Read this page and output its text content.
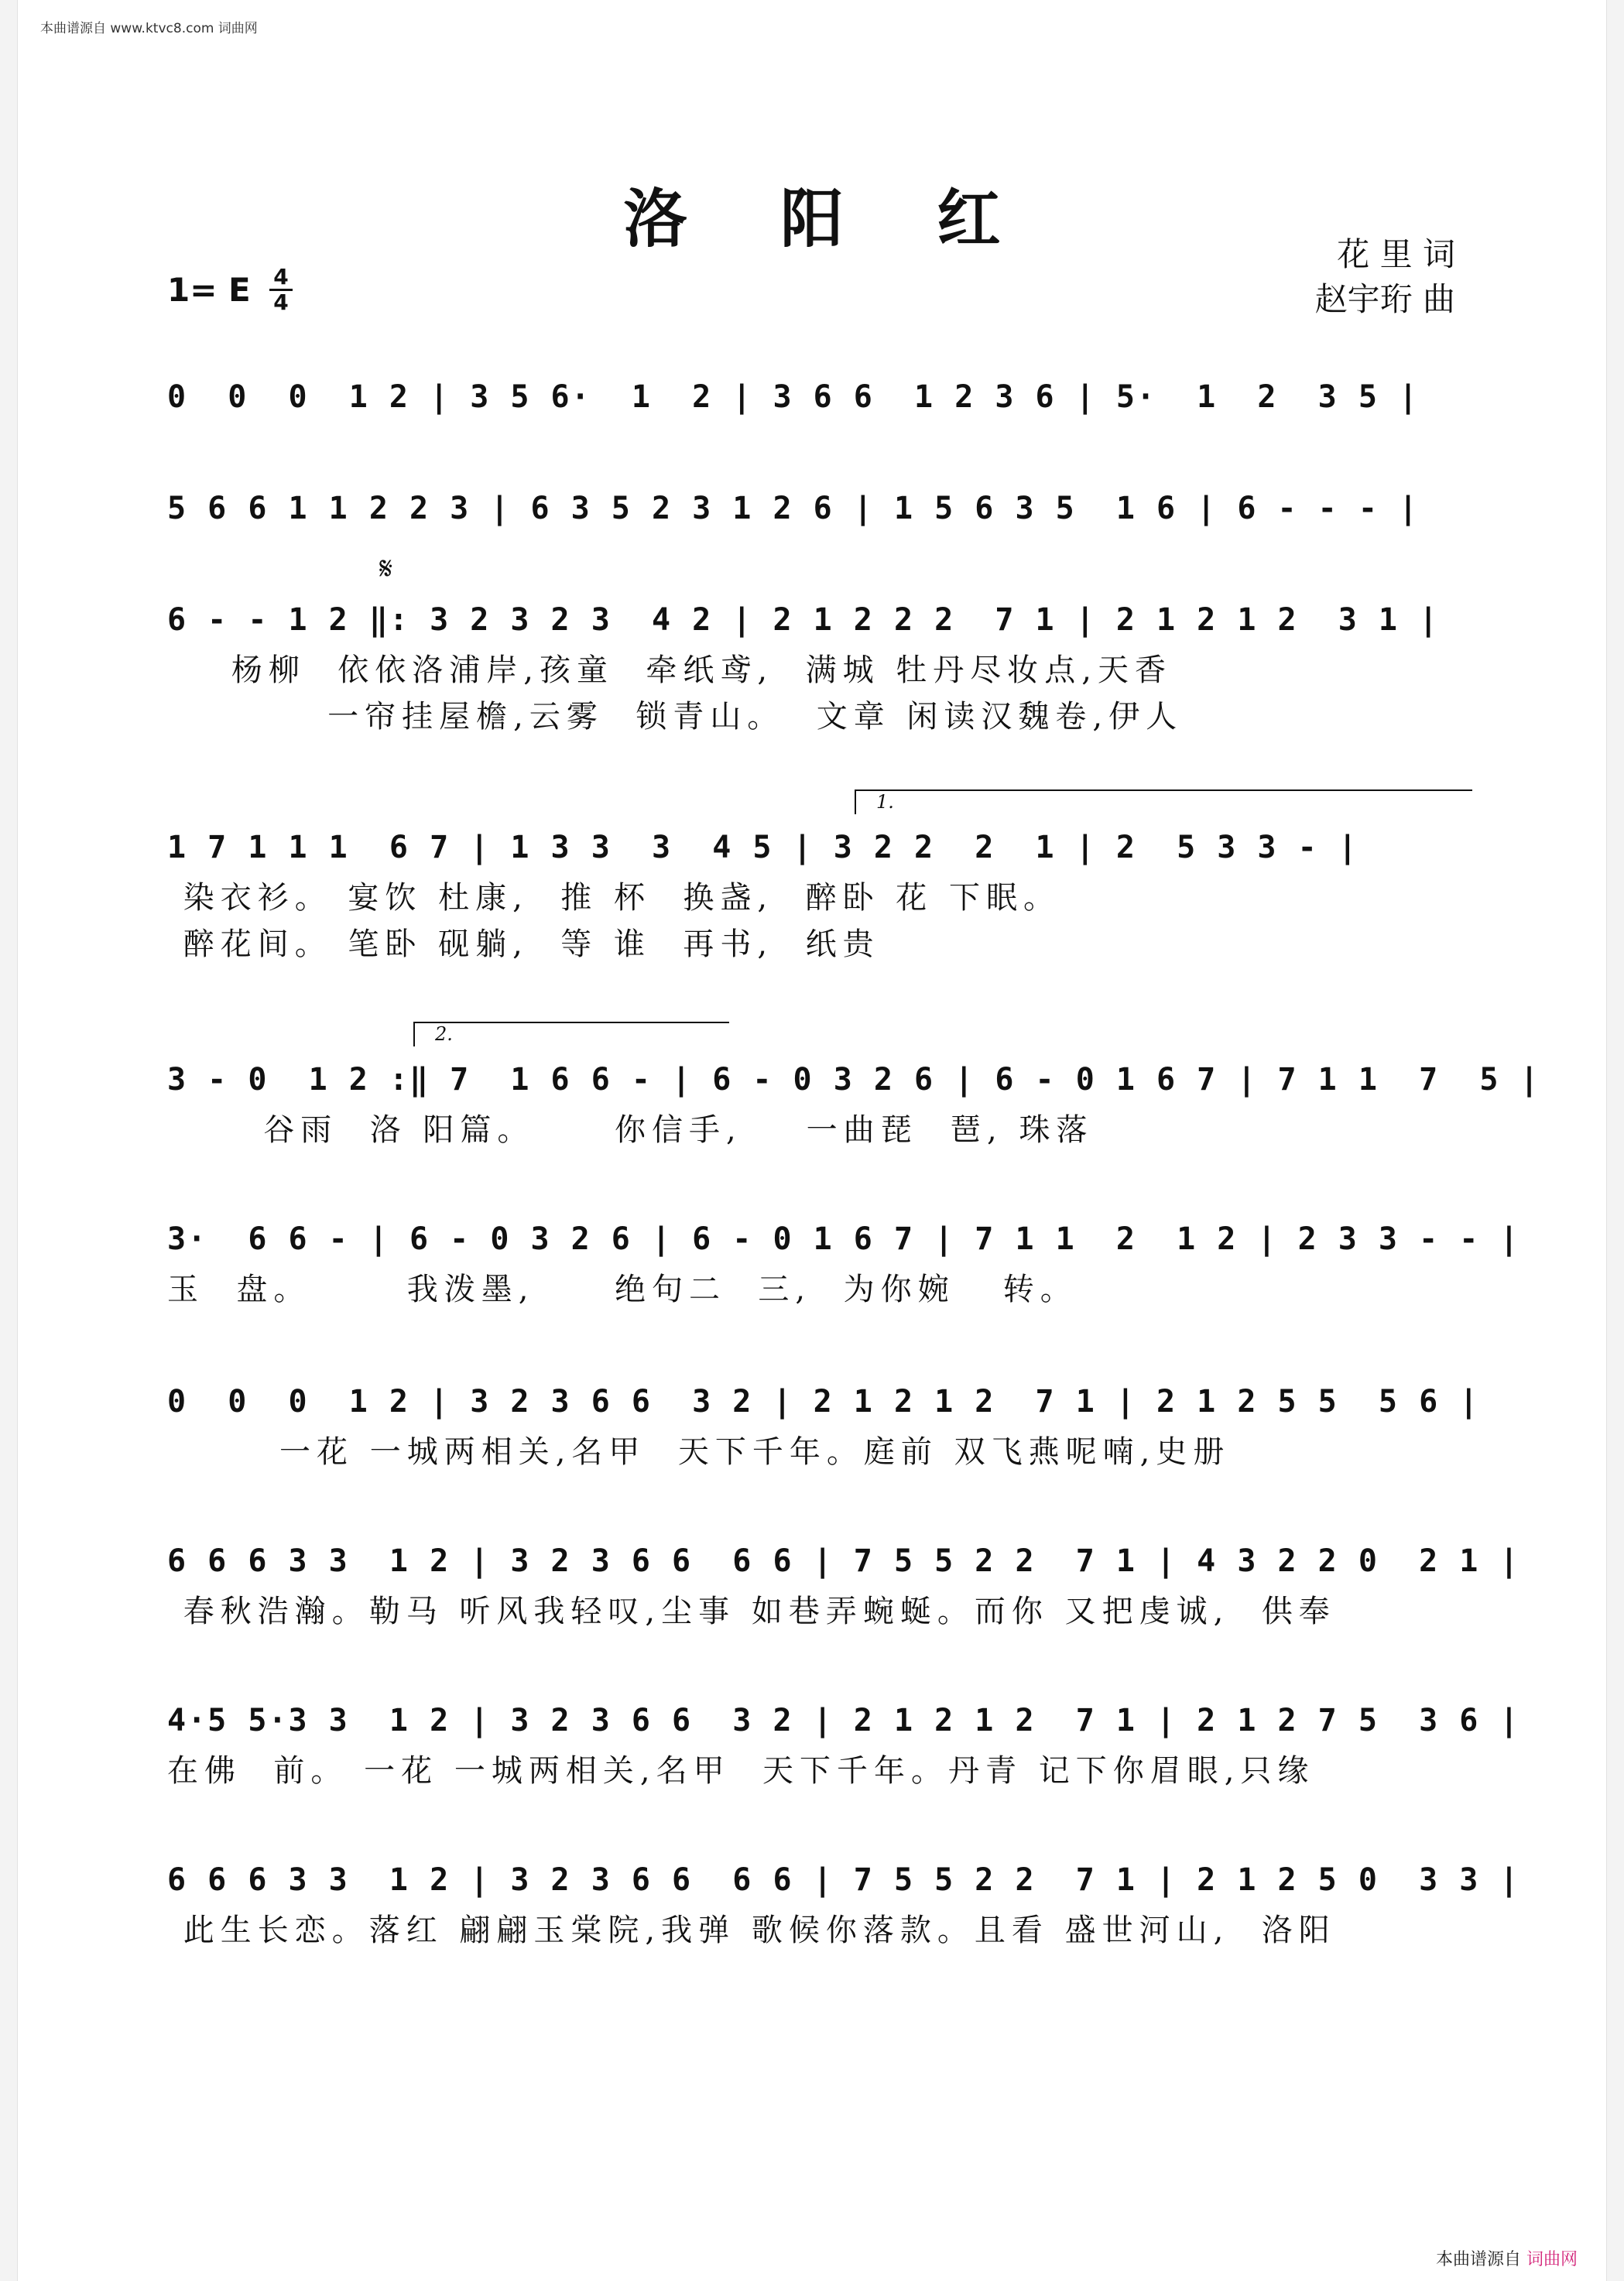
本曲谱源自 www.ktvc8.com 词曲网
洛 阳 红
1= E 4
4
花 里 词
赵宇珩 曲
𝄋
1.
2.
0  0  0  1 2 | 3 5 6·  1  2 | 3 6 6  1 2 3 6 | 5·  1  2  3 5 |
5 6 6 1 1 2 2 3 | 6 3 5 2 3 1 2 6 | 1 5 6 3 5  1 6 | 6 - - - |
6 - - 1 2 ‖: 3 2 3 2 3  4 2 | 2 1 2 2 2  7 1 | 2 1 2 1 2  3 1 |
杨柳  依依洛浦岸,孩童  牵纸鸢,  满城 牡丹尽妆点,天香
一帘挂屋檐,云雾  锁青山。  文章 闲读汉魏卷,伊人
1 7 1 1 1  6 7 | 1 3 3  3  4 5 | 3 2 2  2  1 | 2  5 3 3 - |
染衣衫。 宴饮 杜康,  推 杯  换盏,  醉卧 花 下眠。
醉花间。 笔卧 砚躺,  等 谁  再书,  纸贵
3 - 0  1 2 :‖ 7  1 6 6 - | 6 - 0 3 2 6 | 6 - 0 1 6 7 | 7 1 1  7  5 |
谷雨  洛 阳篇。     你信手,    一曲琵  琶, 珠落
3·  6 6 - | 6 - 0 3 2 6 | 6 - 0 1 6 7 | 7 1 1  2  1 2 | 2 3 3 - - |
玉  盘。      我泼墨,     绝句二  三,  为你婉   转。
0  0  0  1 2 | 3 2 3 6 6  3 2 | 2 1 2 1 2  7 1 | 2 1 2 5 5  5 6 |
一花 一城两相关,名甲  天下千年。庭前 双飞燕呢喃,史册
6 6 6 3 3  1 2 | 3 2 3 6 6  6 6 | 7 5 5 2 2  7 1 | 4 3 2 2 0  2 1 |
春秋浩瀚。勒马 听风我轻叹,尘事 如巷弄蜿蜒。而你 又把虔诚,  供奉
4·5 5·3 3  1 2 | 3 2 3 6 6  3 2 | 2 1 2 1 2  7 1 | 2 1 2 7 5  3 6 |
在佛  前。 一花 一城两相关,名甲  天下千年。丹青 记下你眉眼,只缘
6 6 6 3 3  1 2 | 3 2 3 6 6  6 6 | 7 5 5 2 2  7 1 | 2 1 2 5 0  3 3 |
此生长恋。落红 翩翩玉棠院,我弹 歌候你落款。且看 盛世河山,  洛阳
本曲谱源自 词曲网
